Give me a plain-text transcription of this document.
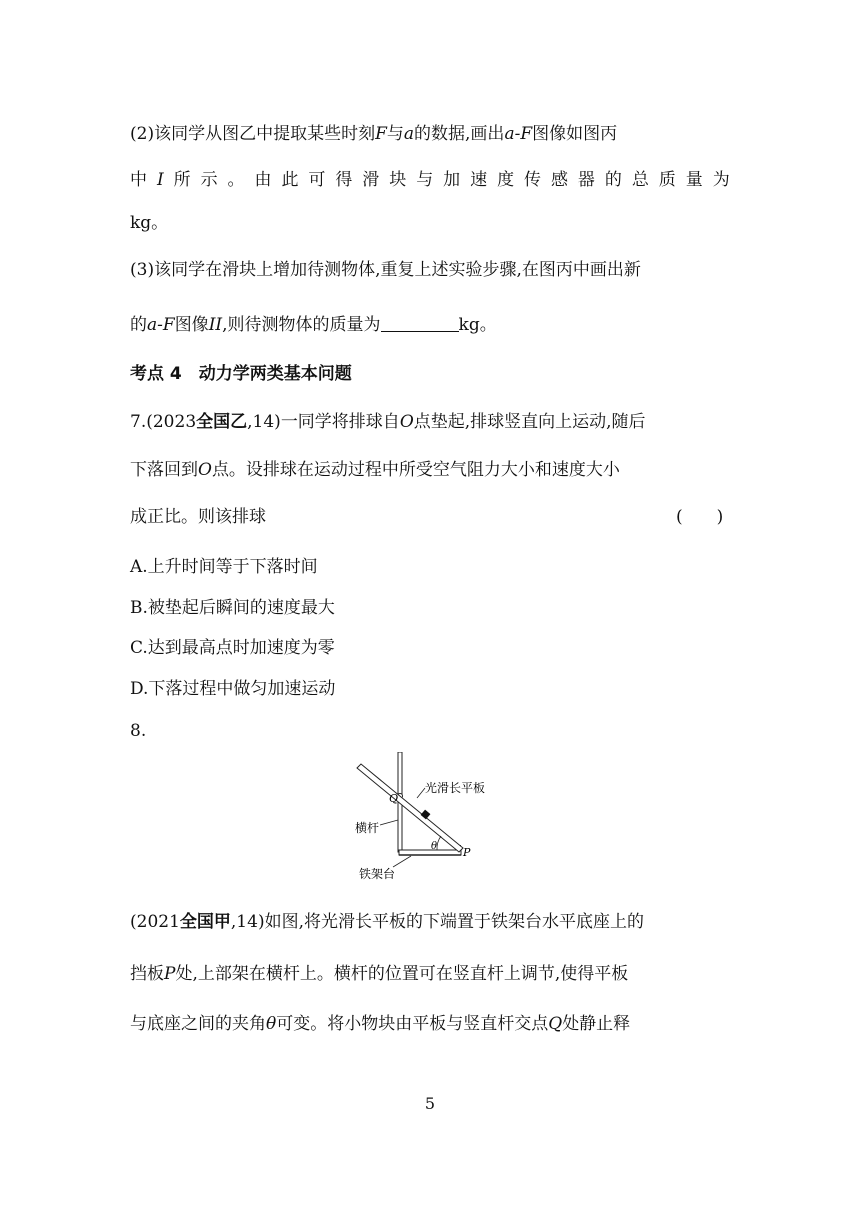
(2)该同学从图乙中提取某些时刻F与a的数据,画出a-F图像如图丙
中 I 所 示 。 由 此 可 得 滑 块 与 加 速 度 传 感 器 的 总 质 量 为
kg。
(3)该同学在滑块上增加待测物体,重复上述实验步骤,在图丙中画出新
的a-F图像II,则待测物体的质量为	kg。
考点 4　动力学两类基本问题
7.(2023全国乙,14)一同学将排球自O点垫起,排球竖直向上运动,随后
下落回到O点。设排球在运动过程中所受空气阻力大小和速度大小
成正比。则该排球	(　　)
A.上升时间等于下落时间
B.被垫起后瞬间的速度最大
C.达到最高点时加速度为零
D.下落过程中做匀加速运动
8.
光滑长平板
Q
横杆
θ P
铁架台
(2021全国甲,14)如图,将光滑长平板的下端置于铁架台水平底座上的
挡板P处,上部架在横杆上。横杆的位置可在竖直杆上调节,使得平板
与底座之间的夹角θ可变。将小物块由平板与竖直杆交点Q处静止释
5
